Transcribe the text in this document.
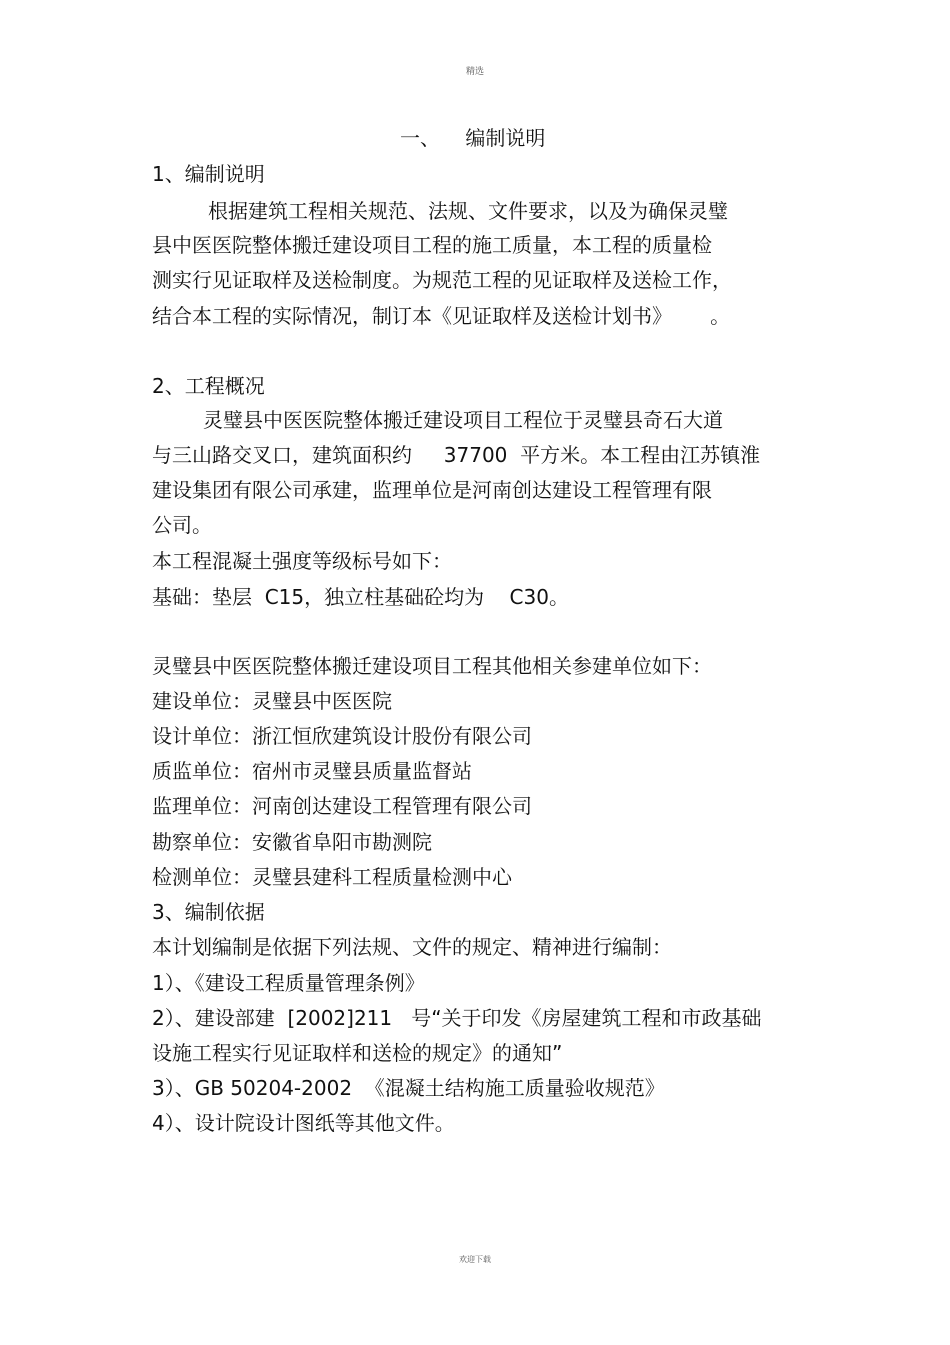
精选
一、    编制说明
1、编制说明
根据建筑工程相关规范、法规、文件要求，以及为确保灵璧
县中医医院整体搬迁建设项目工程的施工质量，本工程的质量检
测实行见证取样及送检制度。为规范工程的见证取样及送检工作，
结合本工程的实际情况，制订本《见证取样及送检计划书》      。
2、工程概况
灵璧县中医医院整体搬迁建设项目工程位于灵璧县奇石大道
与三山路交叉口，建筑面积约     37700  平方米。本工程由江苏镇淮
建设集团有限公司承建，监理单位是河南创达建设工程管理有限
公司。
本工程混凝土强度等级标号如下：
基础：垫层  C15，独立柱基础砼均为    C30。
灵璧县中医医院整体搬迁建设项目工程其他相关参建单位如下：
建设单位：灵璧县中医医院
设计单位：浙江恒欣建筑设计股份有限公司
质监单位：宿州市灵璧县质量监督站
监理单位：河南创达建设工程管理有限公司
勘察单位：安徽省阜阳市勘测院
检测单位：灵璧县建科工程质量检测中心
3、编制依据
本计划编制是依据下列法规、文件的规定、精神进行编制：
1）、《建设工程质量管理条例》
2）、建设部建  [2002]211   号“关于印发《房屋建筑工程和市政基础
设施工程实行见证取样和送检的规定》的通知”
3）、GB 50204-2002  《混凝土结构施工质量验收规范》
4）、设计院设计图纸等其他文件。
欢迎下载
